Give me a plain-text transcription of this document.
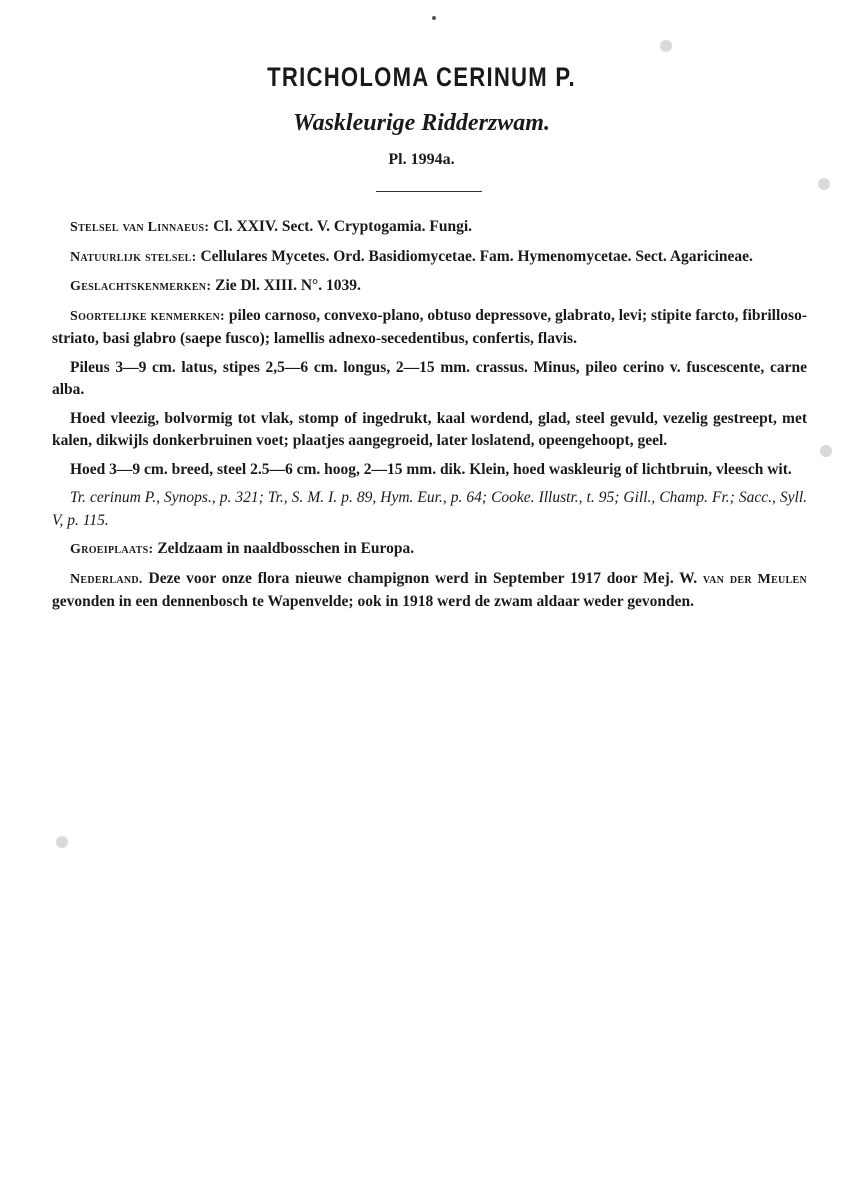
TRICHOLOMA CERINUM P.
Waskleurige Ridderzwam.
Pl. 1994a.

Stelsel van Linnaeus: Cl. XXIV. Sect. V. Cryptogamia. Fungi.

Natuurlijk stelsel: Cellulares Mycetes. Ord. Basidiomycetae. Fam. Hymenomycetae. Sect. Agaricineae.

Geslachtskenmerken: Zie Dl. XIII. N°. 1039.

Soortelijke kenmerken: pileo carnoso, convexo-plano, obtuso depressove, glabrato, levi; stipite farcto, fibrilloso-striato, basi glabro (saepe fusco); lamellis adnexo-secedentibus, confertis, flavis.

Pileus 3—9 cm. latus, stipes 2,5—6 cm. longus, 2—15 mm. crassus. Minus, pileo cerino v. fuscescente, carne alba.

Hoed vleezig, bolvormig tot vlak, stomp of ingedrukt, kaal wordend, glad, steel gevuld, vezelig gestreept, met kalen, dikwijls donkerbruinen voet; plaatjes aangegroeid, later loslatend, opeengehoopt, geel.

Hoed 3—9 cm. breed, steel 2.5—6 cm. hoog, 2—15 mm. dik. Klein, hoed waskleurig of lichtbruin, vleesch wit.

Tr. cerinum P., Synops., p. 321; Tr., S. M. I. p. 89, Hym. Eur., p. 64; Cooke. Illustr., t. 95; Gill., Champ. Fr.; Sacc., Syll. V, p. 115.

Groeiplaats: Zeldzaam in naaldbosschen in Europa.

Nederland. Deze voor onze flora nieuwe champignon werd in September 1917 door Mej. W. van der Meulen gevonden in een dennenbosch te Wapenvelde; ook in 1918 werd de zwam aldaar weder gevonden.
